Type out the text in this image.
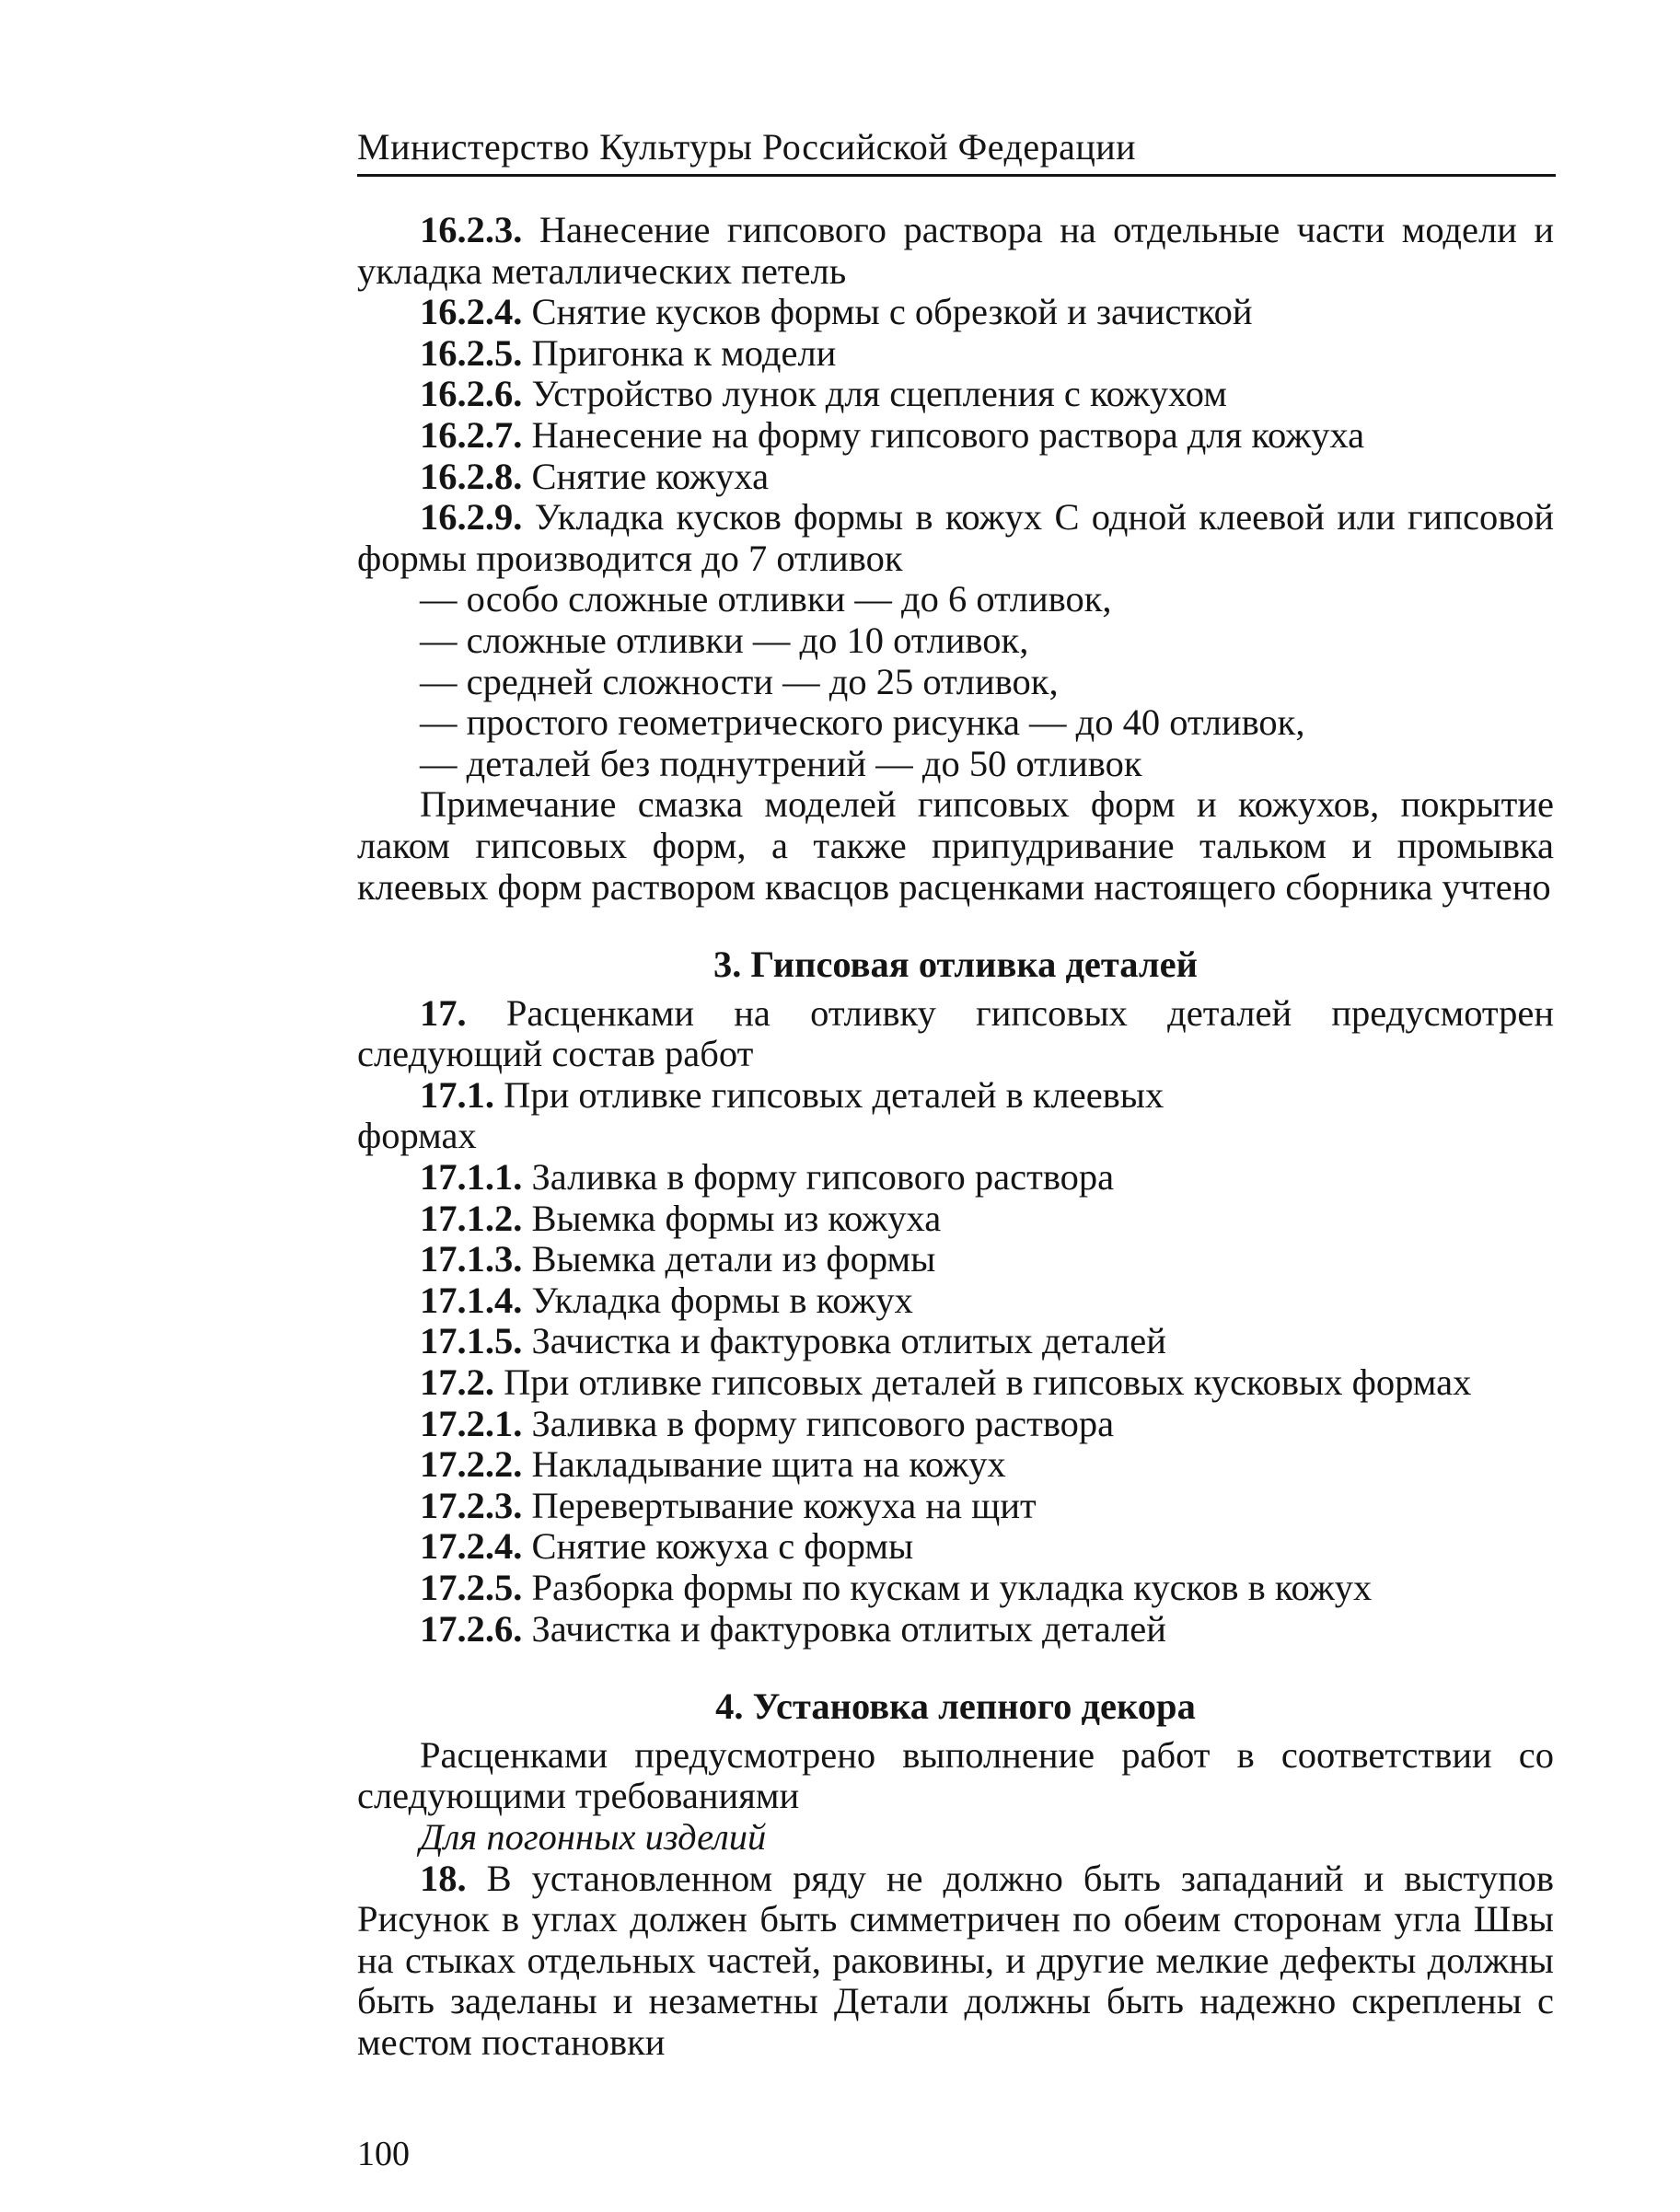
Министерство Культуры Российской Федерации

16.2.3. Нанесение гипсового раствора на отдельные части модели и укладка металлических петель

16.2.4. Снятие кусков формы с обрезкой и зачисткой

16.2.5. Пригонка к модели

16.2.6. Устройство лунок для сцепления с кожухом

16.2.7. Нанесение на форму гипсового раствора для кожуха

16.2.8. Снятие кожуха

16.2.9. Укладка кусков формы в кожух С одной клеевой или гипсовой формы производится до 7 отливок

— особо сложные отливки — до 6 отливок,

— сложные отливки — до 10 отливок,

— средней сложности — до 25 отливок,

— простого геометрического рисунка — до 40 отливок,

— деталей без поднутрений — до 50 отливок

Примечание смазка моделей гипсовых форм и кожухов, покрытие лаком гипсовых форм, а также припудривание тальком и промывка клеевых форм раствором квасцов расценками настоящего сборника учтено

3. Гипсовая отливка деталей

17. Расценками на отливку гипсовых деталей предусмотрен следующий состав работ

17.1. При отливке гипсовых деталей в клеевых

формах

17.1.1. Заливка в форму гипсового раствора

17.1.2. Выемка формы из кожуха

17.1.3. Выемка детали из формы

17.1.4. Укладка формы в кожух

17.1.5. Зачистка и фактуровка отлитых деталей

17.2. При отливке гипсовых деталей в гипсовых кусковых формах

17.2.1. Заливка в форму гипсового раствора

17.2.2. Накладывание щита на кожух

17.2.3. Перевертывание кожуха на щит

17.2.4. Снятие кожуха с формы

17.2.5. Разборка формы по кускам и укладка кусков в кожух

17.2.6. Зачистка и фактуровка отлитых деталей

4. Установка лепного декора

Расценками предусмотрено выполнение работ в соответствии со следующими требованиями

Для погонных изделий

18. В установленном ряду не должно быть западаний и выступов Рисунок в углах должен быть симметричен по обеим сторонам угла Швы на стыках отдельных частей, раковины, и другие мелкие дефекты должны быть заделаны и незаметны Детали должны быть надежно скреплены с местом постановки

100
